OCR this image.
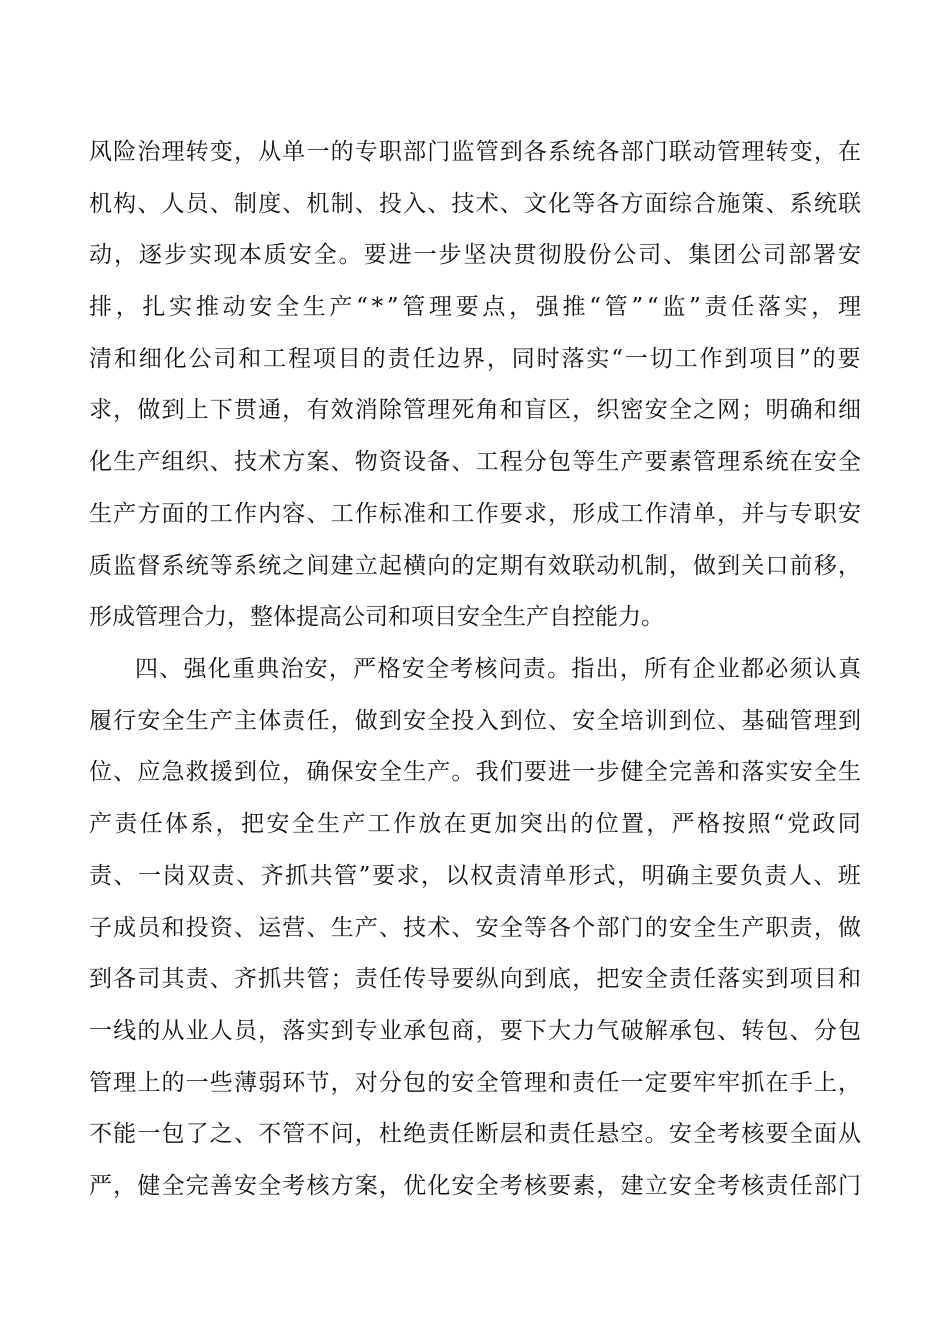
风险治理转变，从单一的专职部门监管到各系统各部门联动管理转变，在
机构、人员、制度、机制、投入、技术、文化等各方面综合施策、系统联
动，逐步实现本质安全。要进一步坚决贯彻股份公司、集团公司部署安
排，扎实推动安全生产“*”管理要点，强推“管”“监”责任落实，理
清和细化公司和工程项目的责任边界，同时落实“一切工作到项目”的要
求，做到上下贯通，有效消除管理死角和盲区，织密安全之网；明确和细
化生产组织、技术方案、物资设备、工程分包等生产要素管理系统在安全
生产方面的工作内容、工作标准和工作要求，形成工作清单，并与专职安
质监督系统等系统之间建立起横向的定期有效联动机制，做到关口前移，
形成管理合力，整体提高公司和项目安全生产自控能力。
四、强化重典治安，严格安全考核问责。指出，所有企业都必须认真
履行安全生产主体责任，做到安全投入到位、安全培训到位、基础管理到
位、应急救援到位，确保安全生产。我们要进一步健全完善和落实安全生
产责任体系，把安全生产工作放在更加突出的位置，严格按照“党政同
责、一岗双责、齐抓共管”要求，以权责清单形式，明确主要负责人、班
子成员和投资、运营、生产、技术、安全等各个部门的安全生产职责，做
到各司其责、齐抓共管；责任传导要纵向到底，把安全责任落实到项目和
一线的从业人员，落实到专业承包商，要下大力气破解承包、转包、分包
管理上的一些薄弱环节，对分包的安全管理和责任一定要牢牢抓在手上，
不能一包了之、不管不问，杜绝责任断层和责任悬空。安全考核要全面从
严，健全完善安全考核方案，优化安全考核要素，建立安全考核责任部门
